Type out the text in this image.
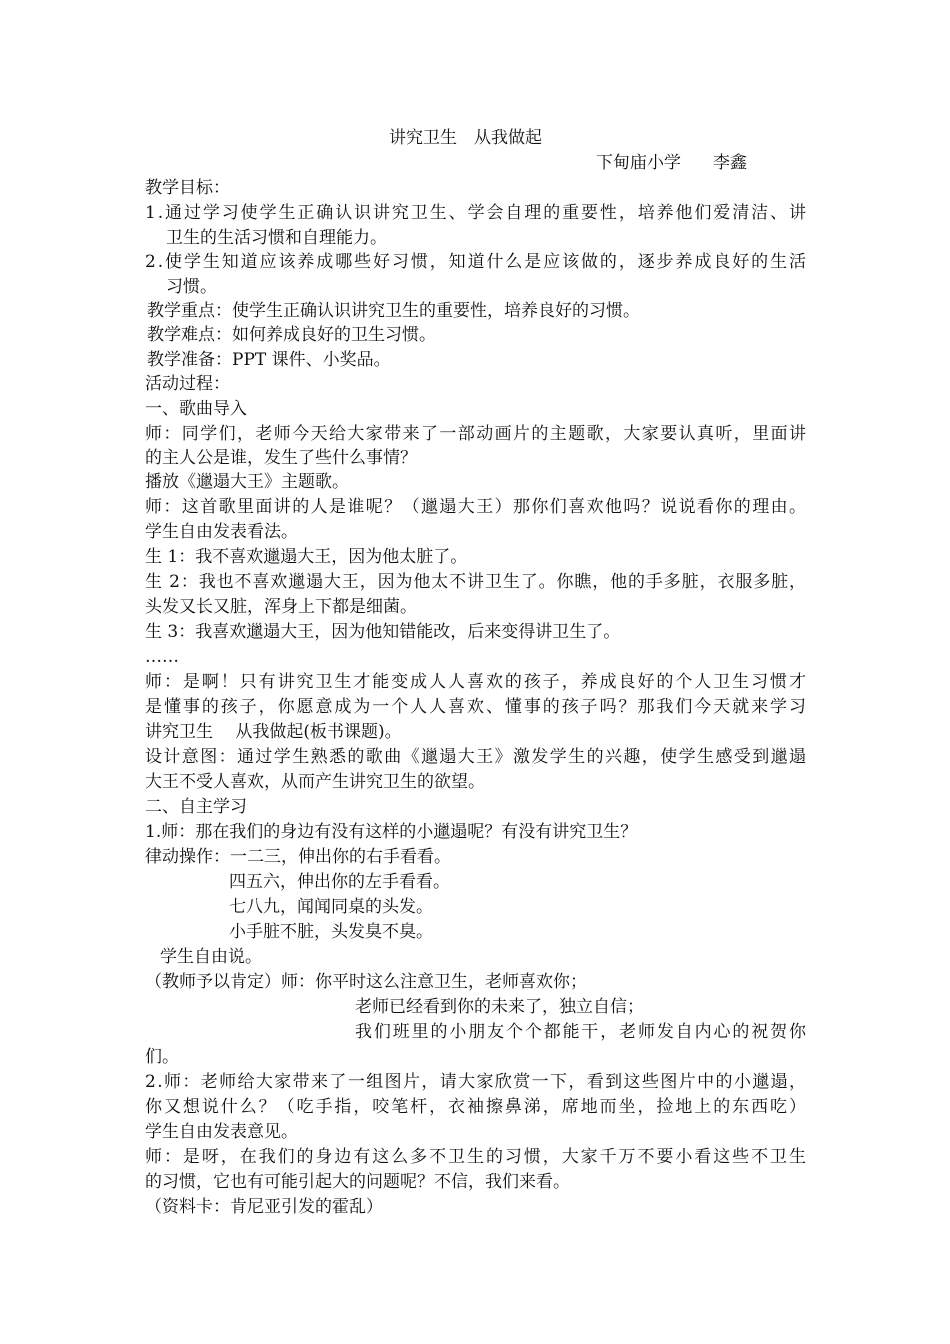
讲究卫生　从我做起
下甸庙小学 李鑫
教学目标：
1.通过学习使学生正确认识讲究卫生、学会自理的重要性，培养他们爱清洁、讲
卫生的生活习惯和自理能力。
2.使学生知道应该养成哪些好习惯，知道什么是应该做的，逐步养成良好的生活
习惯。
教学重点：使学生正确认识讲究卫生的重要性，培养良好的习惯。
教学难点：如何养成良好的卫生习惯。
教学准备：PPT 课件、小奖品。
活动过程：
一、歌曲导入
师：同学们，老师今天给大家带来了一部动画片的主题歌，大家要认真听，里面讲
的主人公是谁，发生了些什么事情？
播放《邋遢大王》主题歌。
师：这首歌里面讲的人是谁呢？（邋遢大王）那你们喜欢他吗？说说看你的理由。
学生自由发表看法。
生 1：我不喜欢邋遢大王，因为他太脏了。
生 2：我也不喜欢邋遢大王，因为他太不讲卫生了。你瞧，他的手多脏，衣服多脏，
头发又长又脏，浑身上下都是细菌。
生 3：我喜欢邋遢大王，因为他知错能改，后来变得讲卫生了。
……
师：是啊！只有讲究卫生才能变成人人喜欢的孩子，养成良好的个人卫生习惯才
是懂事的孩子，你愿意成为一个人人喜欢、懂事的孩子吗？那我们今天就来学习
讲究卫生　 从我做起(板书课题)。
设计意图：通过学生熟悉的歌曲《邋遢大王》激发学生的兴趣，使学生感受到邋遢
大王不受人喜欢，从而产生讲究卫生的欲望。
二、自主学习
1.师：那在我们的身边有没有这样的小邋遢呢？有没有讲究卫生？
律动操作：一二三，伸出你的右手看看。
四五六，伸出你的左手看看。
七八九，闻闻同桌的头发。
小手脏不脏，头发臭不臭。
学生自由说。
（教师予以肯定）师：你平时这么注意卫生，老师喜欢你；
老师已经看到你的未来了，独立自信；
我们班里的小朋友个个都能干，老师发自内心的祝贺你
们。
2.师：老师给大家带来了一组图片，请大家欣赏一下，看到这些图片中的小邋遢，
你又想说什么？（吃手指，咬笔杆，衣袖擦鼻涕，席地而坐，捡地上的东西吃）
学生自由发表意见。
师：是呀，在我们的身边有这么多不卫生的习惯，大家千万不要小看这些不卫生
的习惯，它也有可能引起大的问题呢？不信，我们来看。
（资料卡：肯尼亚引发的霍乱）
